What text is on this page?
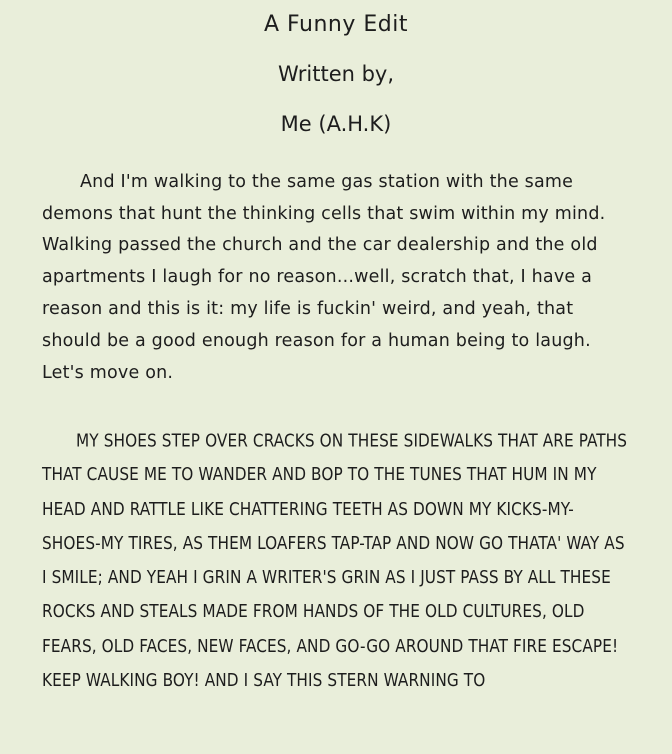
A Funny Edit
Written by,
Me (A.H.K)

And I'm walking to the same gas station with the same demons that hunt the thinking cells that swim within my mind. Walking passed the church and the car dealership and the old apartments I laugh for no reason...well, scratch that, I have a reason and this is it: my life is fuckin' weird, and yeah, that should be a good enough reason for a human being to laugh. Let's move on.

MY SHOES STEP OVER CRACKS ON THESE SIDEWALKS THAT ARE PATHS THAT CAUSE ME TO WANDER AND BOP TO THE TUNES THAT HUM IN MY HEAD AND RATTLE LIKE CHATTERING TEETH AS DOWN MY KICKS-MY-SHOES-MY TIRES, AS THEM LOAFERS TAP-TAP AND NOW GO THATA' WAY AS I SMILE; AND YEAH I GRIN A WRITER'S GRIN AS I JUST PASS BY ALL THESE ROCKS AND STEALS MADE FROM HANDS OF THE OLD CULTURES, OLD FEARS, OLD FACES, NEW FACES, AND GO-GO AROUND THAT FIRE ESCAPE! KEEP WALKING BOY! AND I SAY THIS STERN WARNING TO
